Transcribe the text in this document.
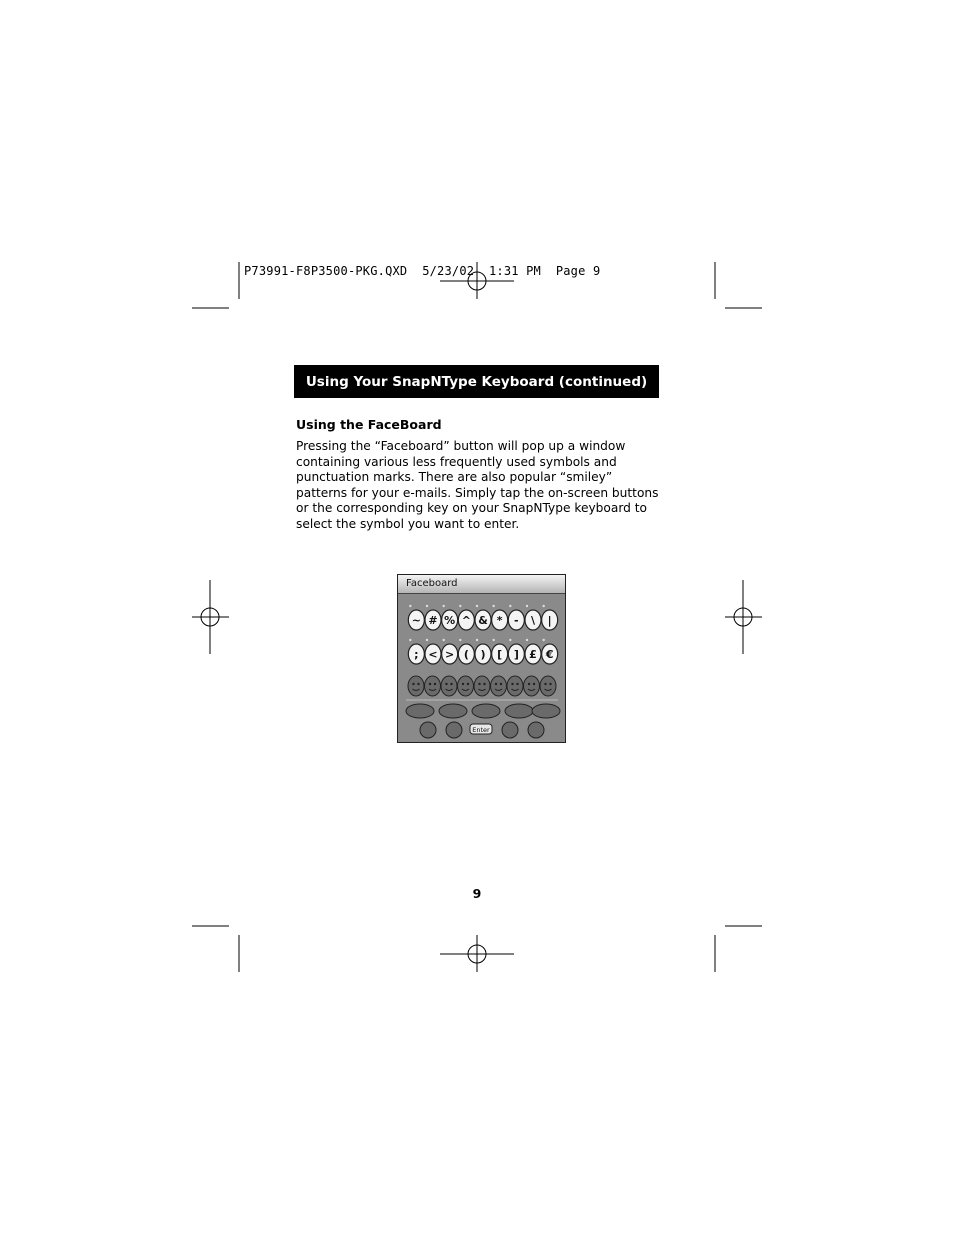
P73991-F8P3500-PKG.QXD  5/23/02  1:31 PM  Page 9
Using Your SnapNType Keyboard (continued)
Using the FaceBoard
Pressing the “Faceboard” button will pop up a window containing various less frequently used symbols and punctuation marks. There are also popular “smiley” patterns for your e-mails. Simply tap the on-screen buttons or the corresponding key on your SnapNType keyboard to select the symbol you want to enter.
Faceboard
~ # % ^ & * - \ |
; < > ( ) [ ] £ €
Enter
9
